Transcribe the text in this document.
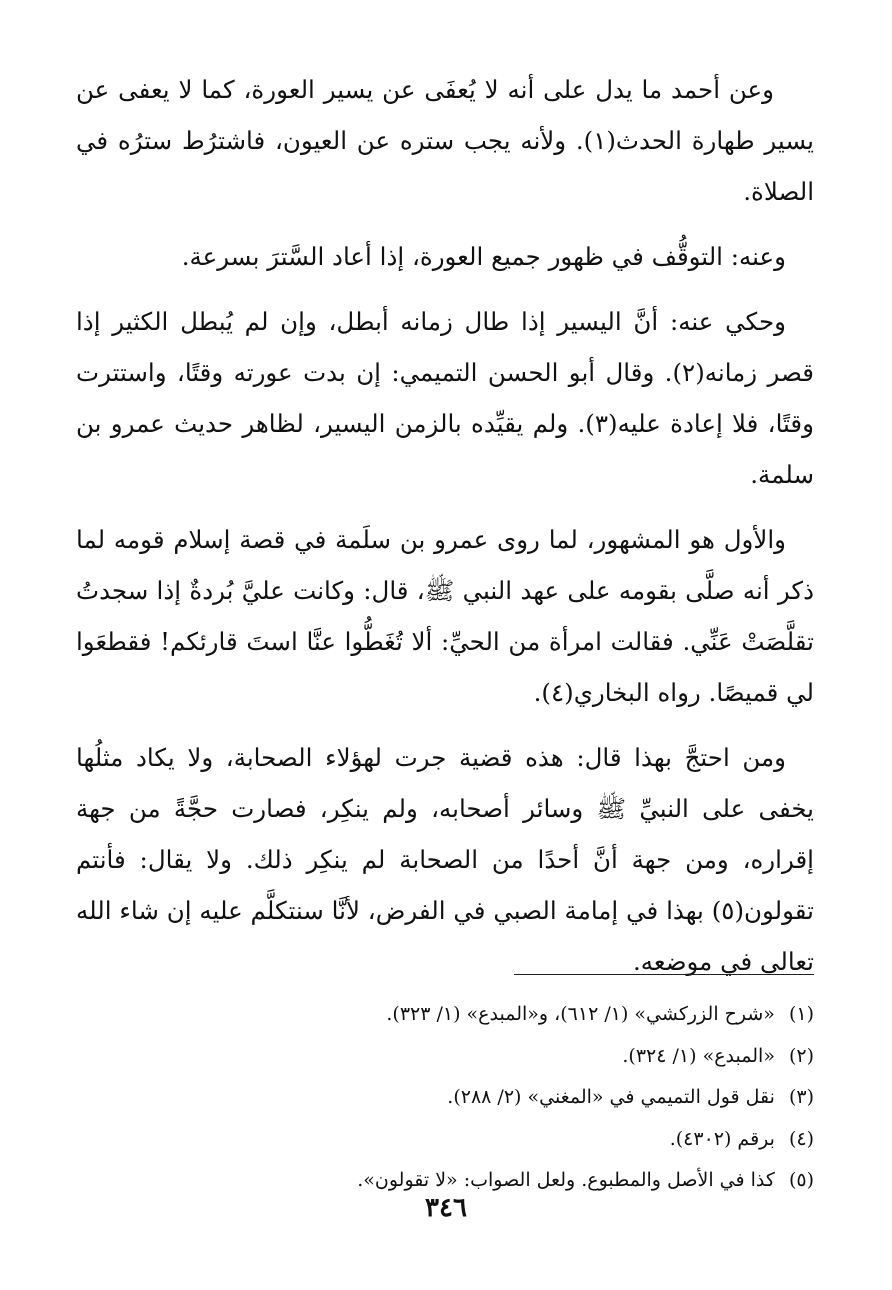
وعن أحمد ما يدل على أنه لا يُعفَى عن يسير العورة، كما لا يعفى عن يسير طهارة الحدث(١). ولأنه يجب ستره عن العيون، فاشترُط سترُه في الصلاة.

وعنه: التوقُّف في ظهور جميع العورة، إذا أعاد السَّترَ بسرعة.

وحكي عنه: أنَّ اليسير إذا طال زمانه أبطل، وإن لم يُبطل الكثير إذا قصر زمانه(٢). وقال أبو الحسن التميمي: إن بدت عورته وقتًا، واستترت وقتًا، فلا إعادة عليه(٣). ولم يقيِّده بالزمن اليسير، لظاهر حديث عمرو بن سلمة.

والأول هو المشهور، لما روى عمرو بن سلَمة في قصة إسلام قومه لما ذكر أنه صلَّى بقومه على عهد النبي ﷺ، قال: وكانت عليَّ بُردةٌ إذا سجدتُ تقلَّصَتْ عَنِّي. فقالت امرأة من الحيِّ: ألا تُغَطُّوا عنَّا استَ قارئكم! فقطعَوا لي قميصًا. رواه البخاري(٤).

ومن احتجَّ بهذا قال: هذه قضية جرت لهؤلاء الصحابة، ولا يكاد مثلُها يخفى على النبيِّ ﷺ وسائر أصحابه، ولم ينكِر، فصارت حجَّةً من جهة إقراره، ومن جهة أنَّ أحدًا من الصحابة لم ينكِر ذلك. ولا يقال: فأنتم تقولون(٥) بهذا في إمامة الصبي في الفرض، لأنَّا سنتكلَّم عليه إن شاء الله تعالى في موضعه.

(١)«شرح الزركشي» (١/ ٦١٢)، و«المبدع» (١/ ٣٢٣).

(٢)«المبدع» (١/ ٣٢٤).

(٣)نقل قول التميمي في «المغني» (٢/ ٢٨٨).

(٤)برقم (٤٣٠٢).

(٥)كذا في الأصل والمطبوع. ولعل الصواب: «لا تقولون».

٣٤٦
